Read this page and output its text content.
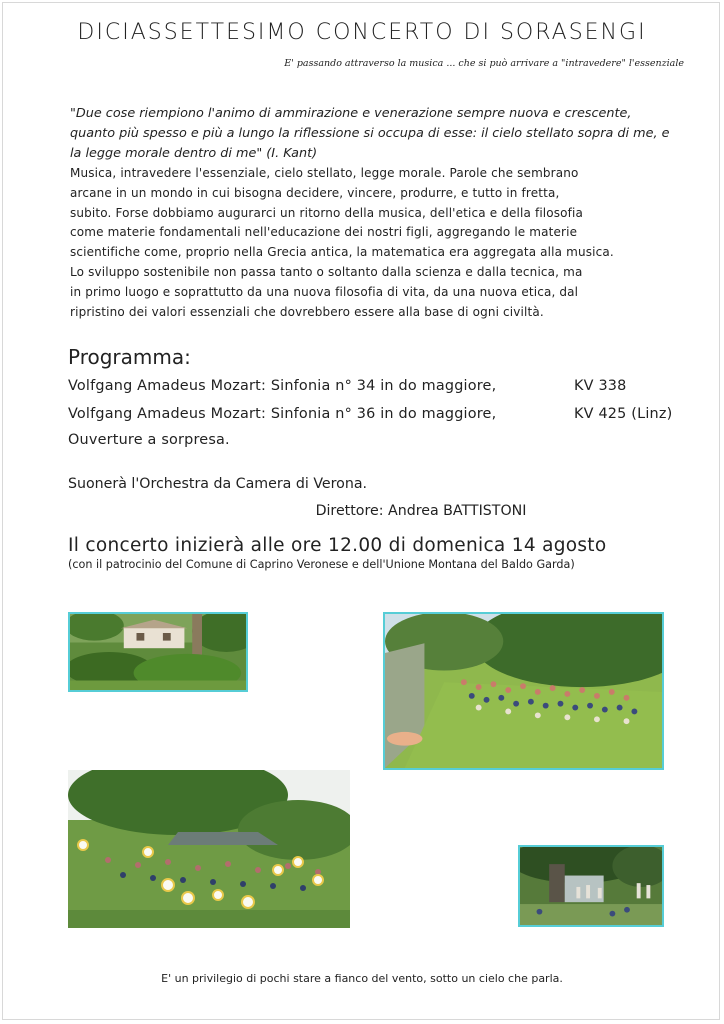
DICIASSETTESIMO CONCERTO DI SORASENGI
E' passando attraverso la musica ... che si può arrivare a "intravedere" l'essenziale
"Due cose riempiono l'animo di ammirazione e venerazione sempre nuova e crescente, quanto più spesso e più a lungo la riflessione si occupa di esse: il cielo stellato sopra di me, e la legge morale dentro di me" (I. Kant)
Musica, intravedere l'essenziale, cielo stellato, legge morale. Parole che sembrano
arcane in un mondo in cui bisogna decidere, vincere, produrre, e tutto in fretta,
subito. Forse dobbiamo augurarci un ritorno della musica, dell'etica e della filosofia
come materie fondamentali nell'educazione dei nostri figli, aggregando le materie
scientifiche come, proprio nella Grecia antica, la matematica era aggregata alla musica.
Lo sviluppo sostenibile non passa tanto o soltanto dalla scienza e dalla tecnica, ma
in primo luogo e soprattutto da una nuova filosofia di vita, da una nuova etica, dal
ripristino dei valori essenziali che dovrebbero essere alla base di ogni civiltà.
Programma:
Volfgang Amadeus Mozart: Sinfonia n° 34 in do maggiore,	KV 338
Volfgang Amadeus Mozart: Sinfonia n° 36 in do maggiore,	KV 425 (Linz)
Ouverture a sorpresa.
Suonerà l'Orchestra da Camera di Verona.
Direttore: Andrea BATTISTONI
Il concerto inizierà alle ore 12.00 di domenica 14 agosto
(con il patrocinio del Comune di Caprino Veronese e dell'Unione Montana del Baldo Garda)
E' un privilegio di pochi stare a fianco del vento, sotto un cielo che parla.
